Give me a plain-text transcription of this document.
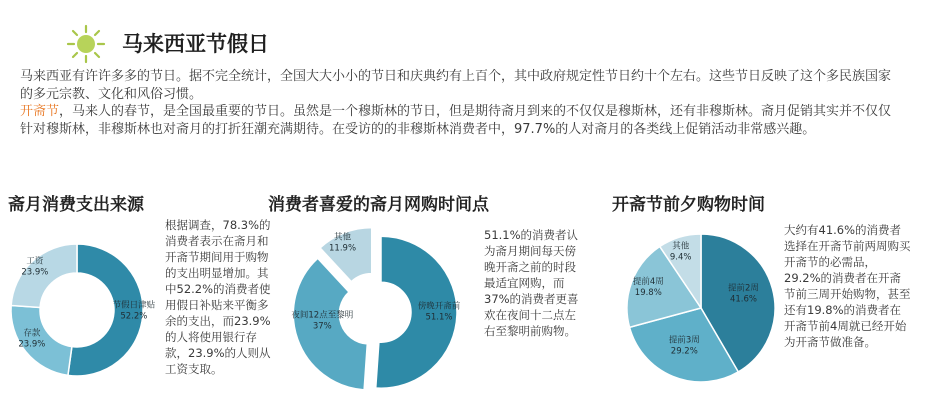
马来西亚节假日

马来西亚有许许多多的节日。据不完全统计，全国大大小小的节日和庆典约有上百个，其中政府规定性节日约十个左右。这些节日反映了这个多民族国家的多元宗教、文化和风俗习惯。

开斋节，马来人的春节，是全国最重要的节日。虽然是一个穆斯林的节日，但是期待斋月到来的不仅仅是穆斯林，还有非穆斯林。斋月促销其实并不仅仅针对穆斯林，非穆斯林也对斋月的打折狂潮充满期待。在受访的的非穆斯林消费者中，97.7%的人对斋月的各类线上促销活动非常感兴趣。

斋月消费支出来源
节假日津贴
52.2%
存款
23.9%
工资
23.9%

根据调查，78.3%的消费者表示在斋月和开斋节期间用于购物的支出明显增加。其中52.2%的消费者使用假日补贴来平衡多余的支出，而23.9%的人将使用银行存款，23.9%的人则从工资支取。

消费者喜爱的斋月网购时间点
傍晚开斋前
51.1%
夜间12点至黎明
37%
其他
11.9%

51.1%的消费者认为斋月期间每天傍晚开斋之前的时段最适宜网购，而37%的消费者更喜欢在夜间十二点左右至黎明前购物。

开斋节前夕购物时间
提前2周
41.6%
提前3周
29.2%
提前4周
19.8%
其他
9.4%

大约有41.6%的消费者选择在开斋节前两周购买开斋节的必需品，29.2%的消费者在开斋节前三周开始购物，甚至还有19.8%的消费者在开斋节前4周就已经开始为开斋节做准备。
